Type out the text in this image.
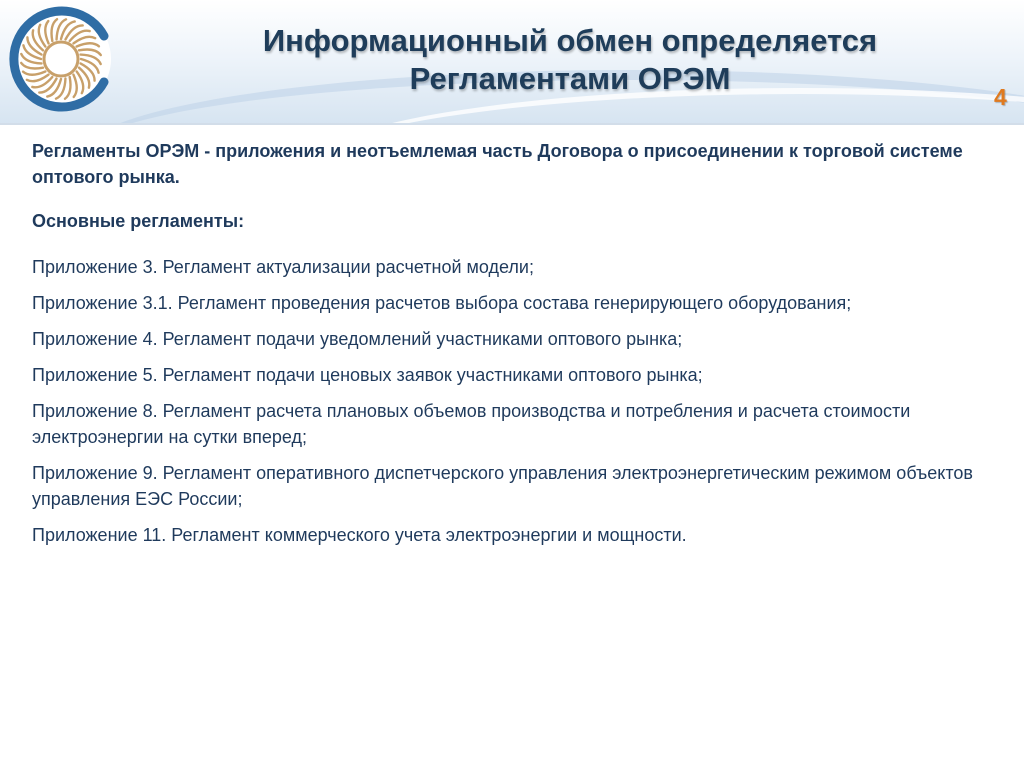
Информационный обмен определяется
Регламентами ОРЭМ
4

Регламенты ОРЭМ - приложения и неотъемлемая часть Договора о присоединении к торговой системе оптового рынка.

Основные регламенты:

Приложение 3. Регламент актуализации расчетной модели;

Приложение 3.1. Регламент проведения расчетов выбора состава генерирующего оборудования;

Приложение 4. Регламент подачи уведомлений участниками оптового рынка;

Приложение 5. Регламент подачи ценовых заявок участниками оптового рынка;

Приложение 8. Регламент расчета плановых объемов производства и потребления и расчета стоимости электроэнергии на сутки вперед;

Приложение 9. Регламент оперативного диспетчерского управления электроэнергетическим режимом объектов управления ЕЭС России;

Приложение 11. Регламент коммерческого учета электроэнергии и мощности.
